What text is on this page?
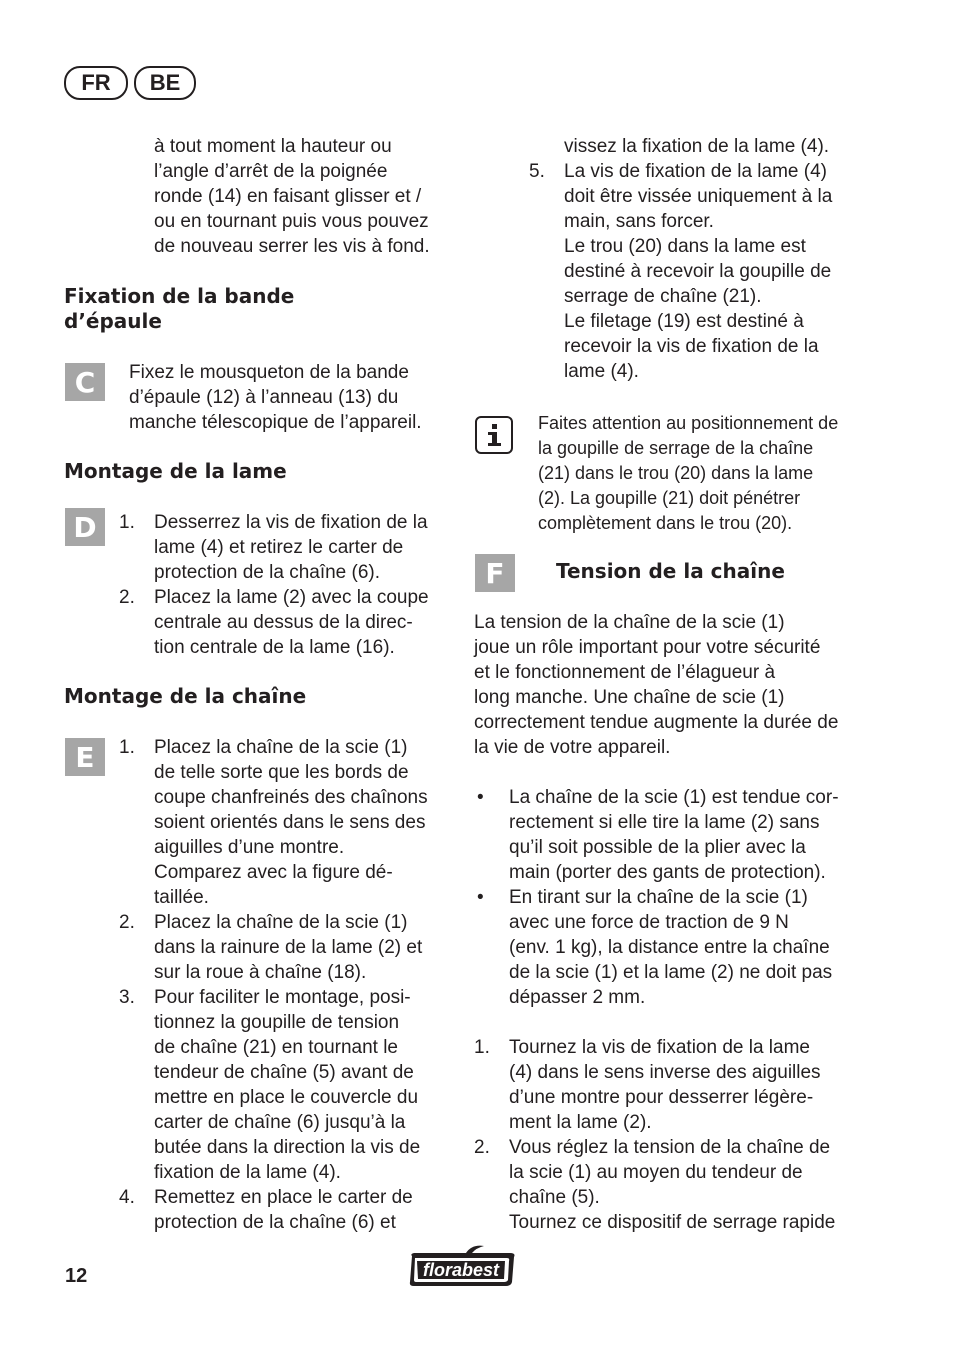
FR	BE

à tout moment la hauteur ou

l’angle d’arrêt de la poignée

ronde (14) en faisant glisser et /

ou en tournant puis vous pouvez

de nouveau serrer les vis à fond.

Fixation de la bande

d’épaule

C	Fixez le mousqueton de la bande

d’épaule (12) à l’anneau (13) du

manche télescopique de l’appareil.

Montage de la lame

D	1.	Desserrez la vis de fixation de la

lame (4) et retirez le carter de

protection de la chaîne (6).

2.	Placez la lame (2) avec la coupe

centrale au dessus de la direc-

tion centrale de la lame (16).

Montage de la chaîne

E	1.	Placez la chaîne de la scie (1)

de telle sorte que les bords de

coupe chanfreinés des chaînons

soient orientés dans le sens des

aiguilles d’une montre.

Comparez avec la figure dé-

taillée.

2.	Placez la chaîne de la scie (1)

dans la rainure de la lame (2) et

sur la roue à chaîne (18).

3.	Pour faciliter le montage, posi-

tionnez la goupille de tension

de chaîne (21) en tournant le

tendeur de chaîne (5) avant de

mettre en place le couvercle du

carter de chaîne (6) jusqu’à la

butée dans la direction la vis de

fixation de la lame (4).

4.	Remettez en place le carter de

protection de la chaîne (6) et

vissez la fixation de la lame (4).

5.	La vis de fixation de la lame (4)

doit être vissée uniquement à la

main, sans forcer.

Le trou (20) dans la lame est

destiné à recevoir la goupille de

serrage de chaîne (21).

Le filetage (19) est destiné à

recevoir la vis de fixation de la

lame (4).

Faites attention au positionnement de

la goupille de serrage de la chaîne

(21) dans le trou (20) dans la lame

(2). La goupille (21) doit pénétrer

complètement dans le trou (20).

F	Tension de la chaîne

La tension de la chaîne de la scie (1)

joue un rôle important pour votre sécurité

et le fonctionnement de l’élagueur à

long manche. Une chaîne de scie (1)

correctement tendue augmente la durée de

la vie de votre appareil.

• La chaîne de la scie (1) est tendue cor-

rectement si elle tire la lame (2) sans

qu’il soit possible de la plier avec la

main (porter des gants de protection).

• En tirant sur la chaîne de la scie (1)

avec une force de traction de 9 N

(env. 1 kg), la distance entre la chaîne

de la scie (1) et la lame (2) ne doit pas

dépasser 2 mm.

1.	Tournez la vis de fixation de la lame

(4) dans le sens inverse des aiguilles

d’une montre pour desserrer légère-

ment la lame (2).

2.	Vous réglez la tension de la chaîne de

la scie (1) au moyen du tendeur de

chaîne (5).

Tournez ce dispositif de serrage rapide

12	florabest
